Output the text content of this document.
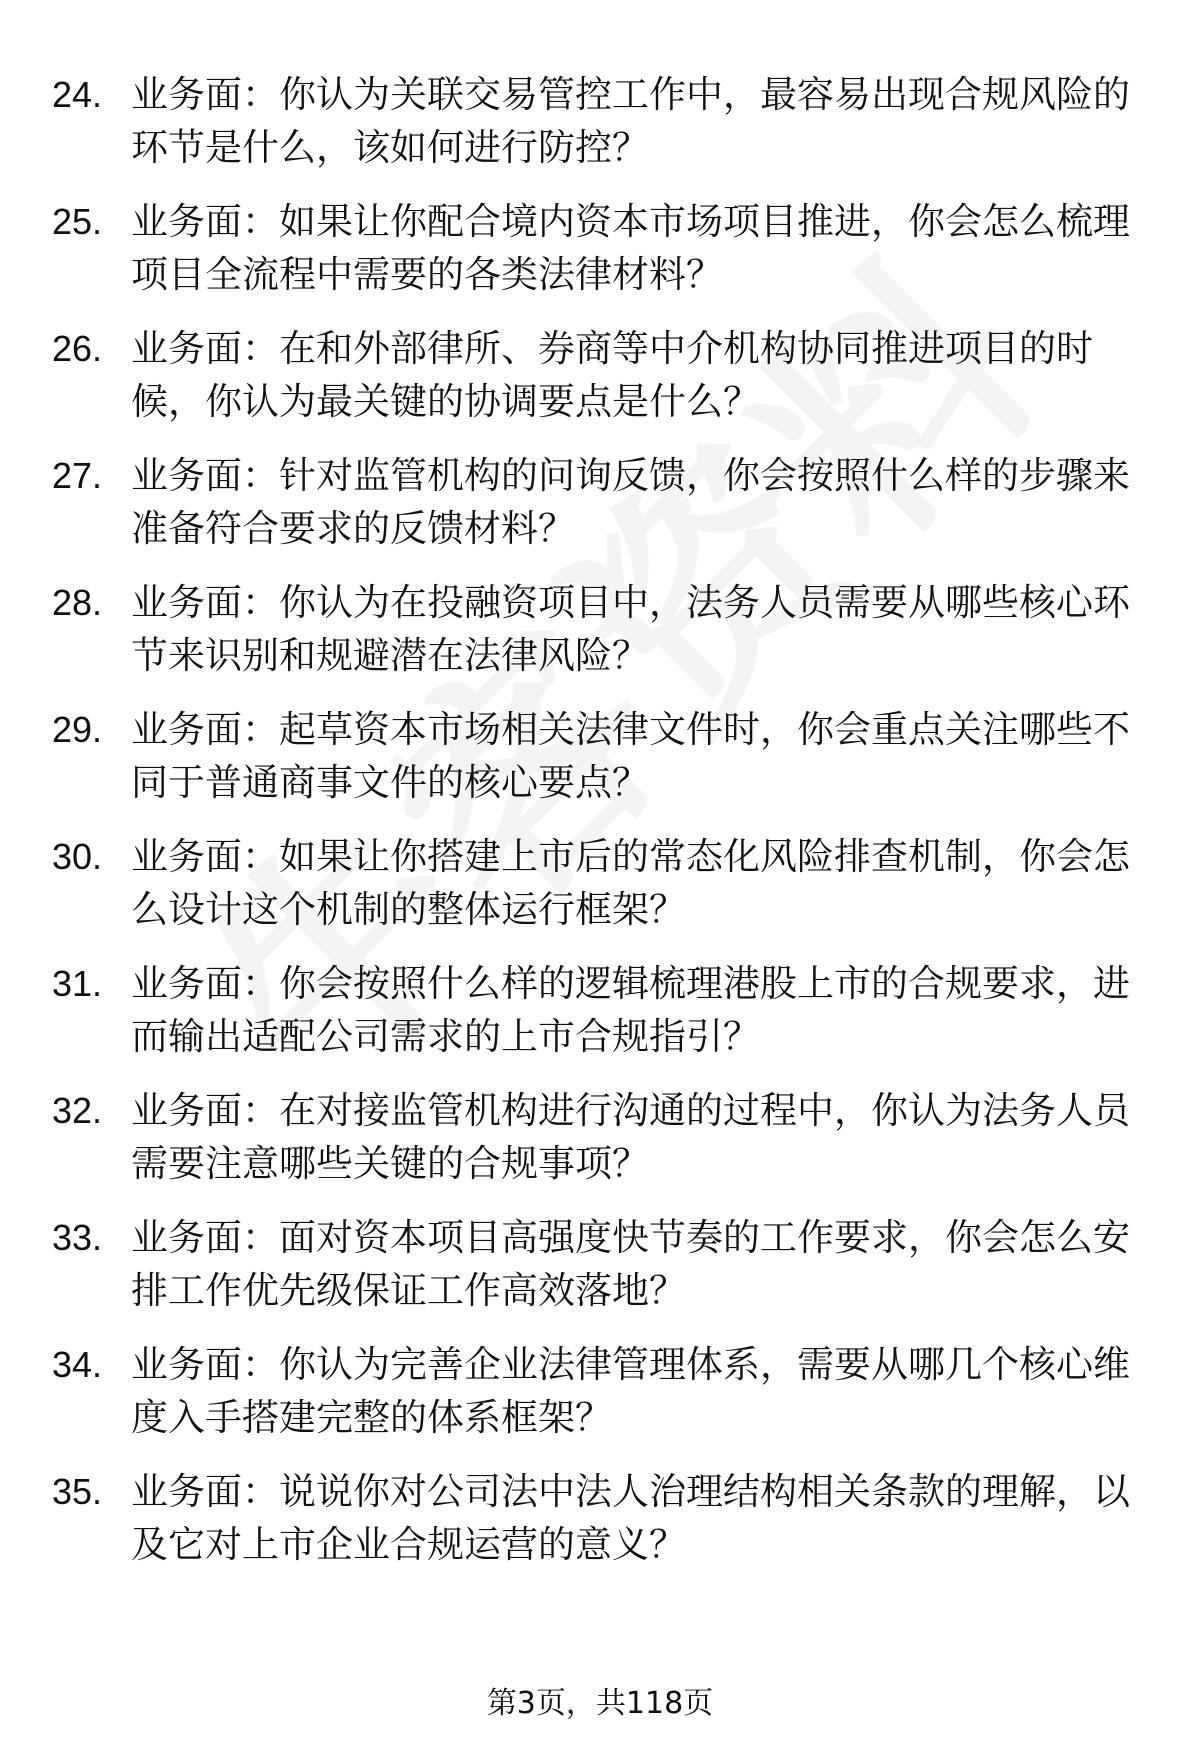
24. 业务面：你认为关联交易管控工作中，最容易出现合规风险的环节是什么，该如何进行防控？
25. 业务面：如果让你配合境内资本市场项目推进，你会怎么梳理项目全流程中需要的各类法律材料？
26. 业务面：在和外部律所、券商等中介机构协同推进项目的时候，你认为最关键的协调要点是什么？
27. 业务面：针对监管机构的问询反馈，你会按照什么样的步骤来准备符合要求的反馈材料？
28. 业务面：你认为在投融资项目中，法务人员需要从哪些核心环节来识别和规避潜在法律风险？
29. 业务面：起草资本市场相关法律文件时，你会重点关注哪些不同于普通商事文件的核心要点？
30. 业务面：如果让你搭建上市后的常态化风险排查机制，你会怎么设计这个机制的整体运行框架？
31. 业务面：你会按照什么样的逻辑梳理港股上市的合规要求，进而输出适配公司需求的上市合规指引？
32. 业务面：在对接监管机构进行沟通的过程中，你认为法务人员需要注意哪些关键的合规事项？
33. 业务面：面对资本项目高强度快节奏的工作要求，你会怎么安排工作优先级保证工作高效落地？
34. 业务面：你认为完善企业法律管理体系，需要从哪几个核心维度入手搭建完整的体系框架？
35. 业务面：说说你对公司法中法人治理结构相关条款的理解，以及它对上市企业合规运营的意义？
第3页，共118页
